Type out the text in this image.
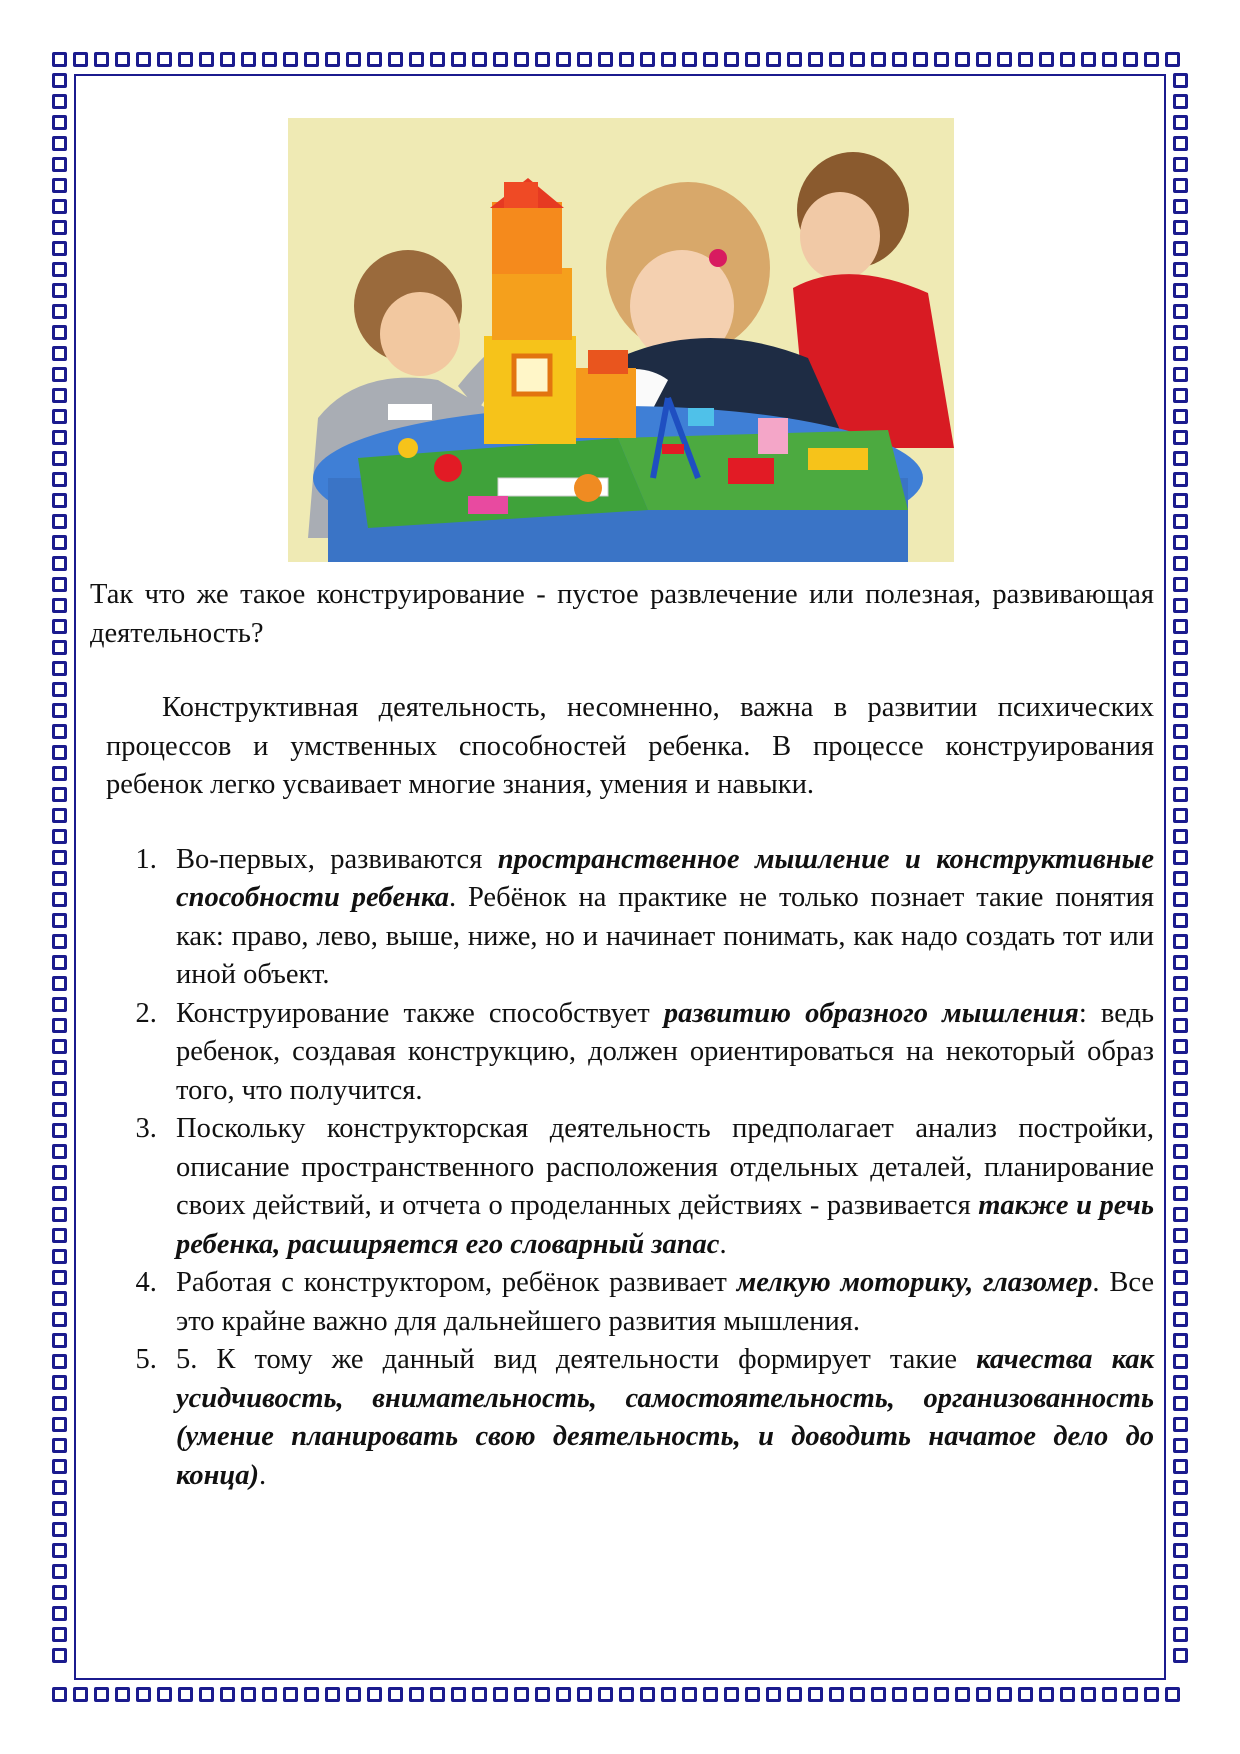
Так что же такое конструирование - пустое развлечение или полезная, развивающая деятельность?

Конструктивная деятельность, несомненно, важна в развитии психических процессов и умственных способностей ребенка. В процессе конструирования ребенок легко усваивает многие знания, умения и навыки.

1. Во-первых, развиваются пространственное мышление и конструктивные способности ребенка. Ребёнок на практике не только познает такие понятия как: право, лево, выше, ниже, но и начинает понимать, как надо создать тот или иной объект.
2. Конструирование также способствует развитию образного мышления: ведь ребенок, создавая конструкцию, должен ориентироваться на некоторый образ того, что получится.
3. Поскольку конструкторская деятельность предполагает анализ постройки, описание пространственного расположения отдельных деталей, планирование своих действий, и отчета о проделанных действиях - развивается также и речь ребенка, расширяется его словарный запас.
4. Работая с конструктором, ребёнок развивает мелкую моторику, глазомер. Все это крайне важно для дальнейшего развития мышления.
5. 5. К тому же данный вид деятельности формирует такие качества как усидчивость, внимательность, самостоятельность, организованность (умение планировать свою деятельность, и доводить начатое дело до конца).
